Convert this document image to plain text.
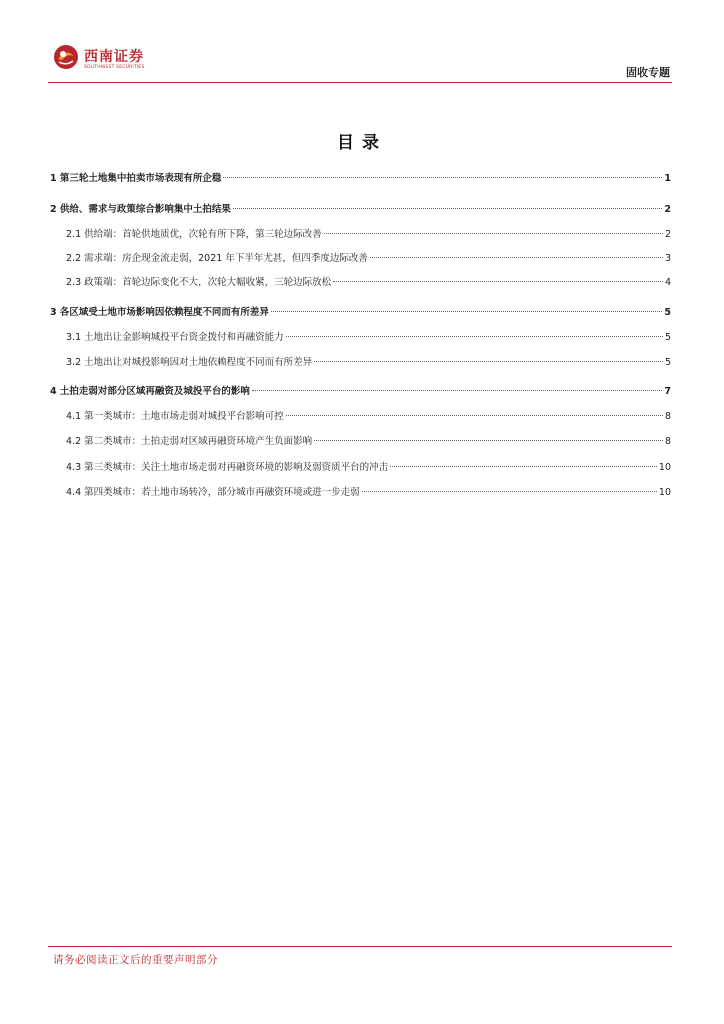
西南证券
SOUTHWEST SECURITIES	固收专题
目录
1 第三轮土地集中拍卖市场表现有所企稳	1
2 供给、需求与政策综合影响集中土拍结果	2
2.1 供给端：首轮供地质优，次轮有所下降，第三轮边际改善	2
2.2 需求端：房企现金流走弱，2021 年下半年尤甚，但四季度边际改善	3
2.3 政策端：首轮边际变化不大，次轮大幅收紧，三轮边际放松	4
3 各区域受土地市场影响因依赖程度不同而有所差异	5
3.1 土地出让金影响城投平台资金拨付和再融资能力	5
3.2 土地出让对城投影响因对土地依赖程度不同而有所差异	5
4 土拍走弱对部分区域再融资及城投平台的影响	7
4.1 第一类城市：土地市场走弱对城投平台影响可控	8
4.2 第二类城市：土拍走弱对区域再融资环境产生负面影响	8
4.3 第三类城市：关注土地市场走弱对再融资环境的影响及弱资质平台的冲击	10
4.4 第四类城市：若土地市场转冷，部分城市再融资环境或进一步走弱	10
请务必阅读正文后的重要声明部分
